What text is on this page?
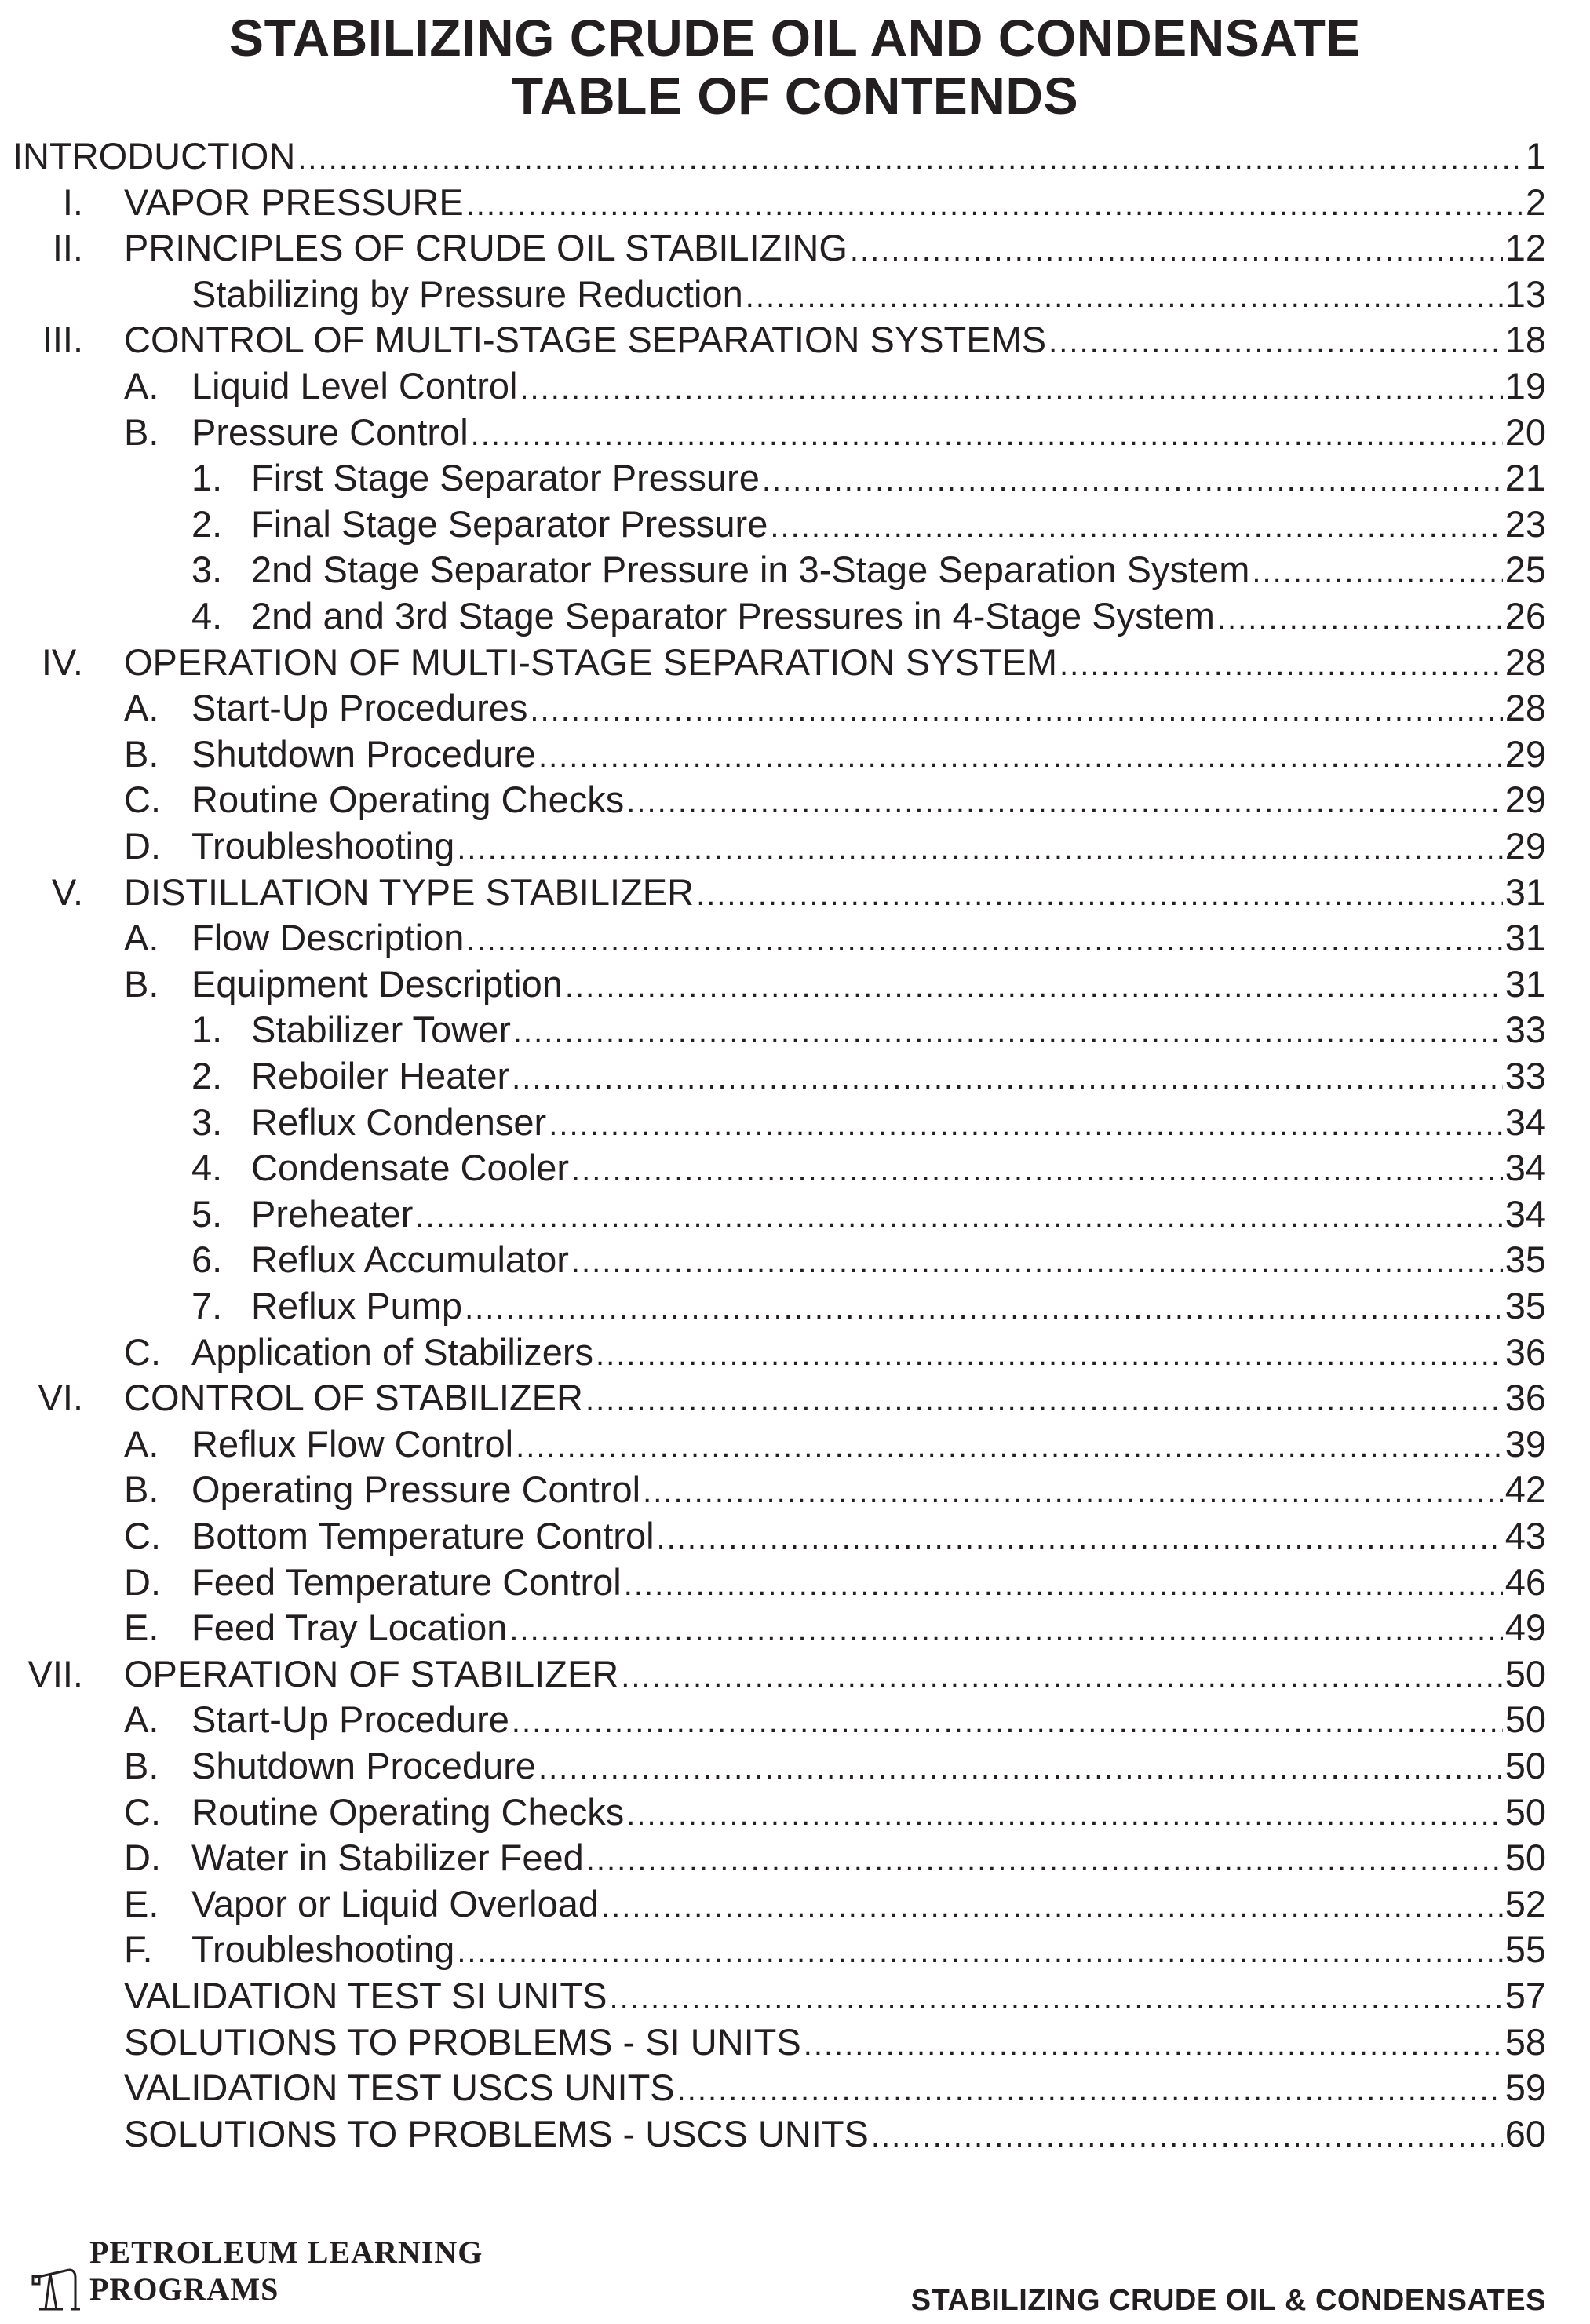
STABILIZING CRUDE OIL AND CONDENSATE
TABLE OF CONTENDS
INTRODUCTION .....	1
I. VAPOR PRESSURE .....	2
II. PRINCIPLES OF CRUDE OIL STABILIZING .....	12
Stabilizing by Pressure Reduction .....	13
III. CONTROL OF MULTI-STAGE SEPARATION SYSTEMS .....	18
A. Liquid Level Control .....	19
B. Pressure Control .....	20
1. First Stage Separator Pressure .....	21
2. Final Stage Separator Pressure .....	23
3. 2nd Stage Separator Pressure in 3-Stage Separation System .....	25
4. 2nd and 3rd Stage Separator Pressures in 4-Stage System .....	26
IV. OPERATION OF MULTI-STAGE SEPARATION SYSTEM .....	28
A. Start-Up Procedures .....	28
B. Shutdown Procedure .....	29
C. Routine Operating Checks .....	29
D. Troubleshooting .....	29
V. DISTILLATION TYPE STABILIZER .....	31
A. Flow Description .....	31
B. Equipment Description .....	31
1. Stabilizer Tower .....	33
2. Reboiler Heater .....	33
3. Reflux Condenser .....	34
4. Condensate Cooler .....	34
5. Preheater .....	34
6. Reflux Accumulator .....	35
7. Reflux Pump .....	35
C. Application of Stabilizers .....	36
VI. CONTROL OF STABILIZER .....	36
A. Reflux Flow Control .....	39
B. Operating Pressure Control .....	42
C. Bottom Temperature Control .....	43
D. Feed Temperature Control .....	46
E. Feed Tray Location .....	49
VII. OPERATION OF STABILIZER .....	50
A. Start-Up Procedure .....	50
B. Shutdown Procedure .....	50
C. Routine Operating Checks .....	50
D. Water in Stabilizer Feed .....	50
E. Vapor or Liquid Overload .....	52
F. Troubleshooting .....	55
VALIDATION TEST SI UNITS .....	57
SOLUTIONS TO PROBLEMS - SI UNITS .....	58
VALIDATION TEST USCS UNITS .....	59
SOLUTIONS TO PROBLEMS - USCS UNITS .....	60
PETROLEUM LEARNING PROGRAMS	STABILIZING CRUDE OIL & CONDENSATES
